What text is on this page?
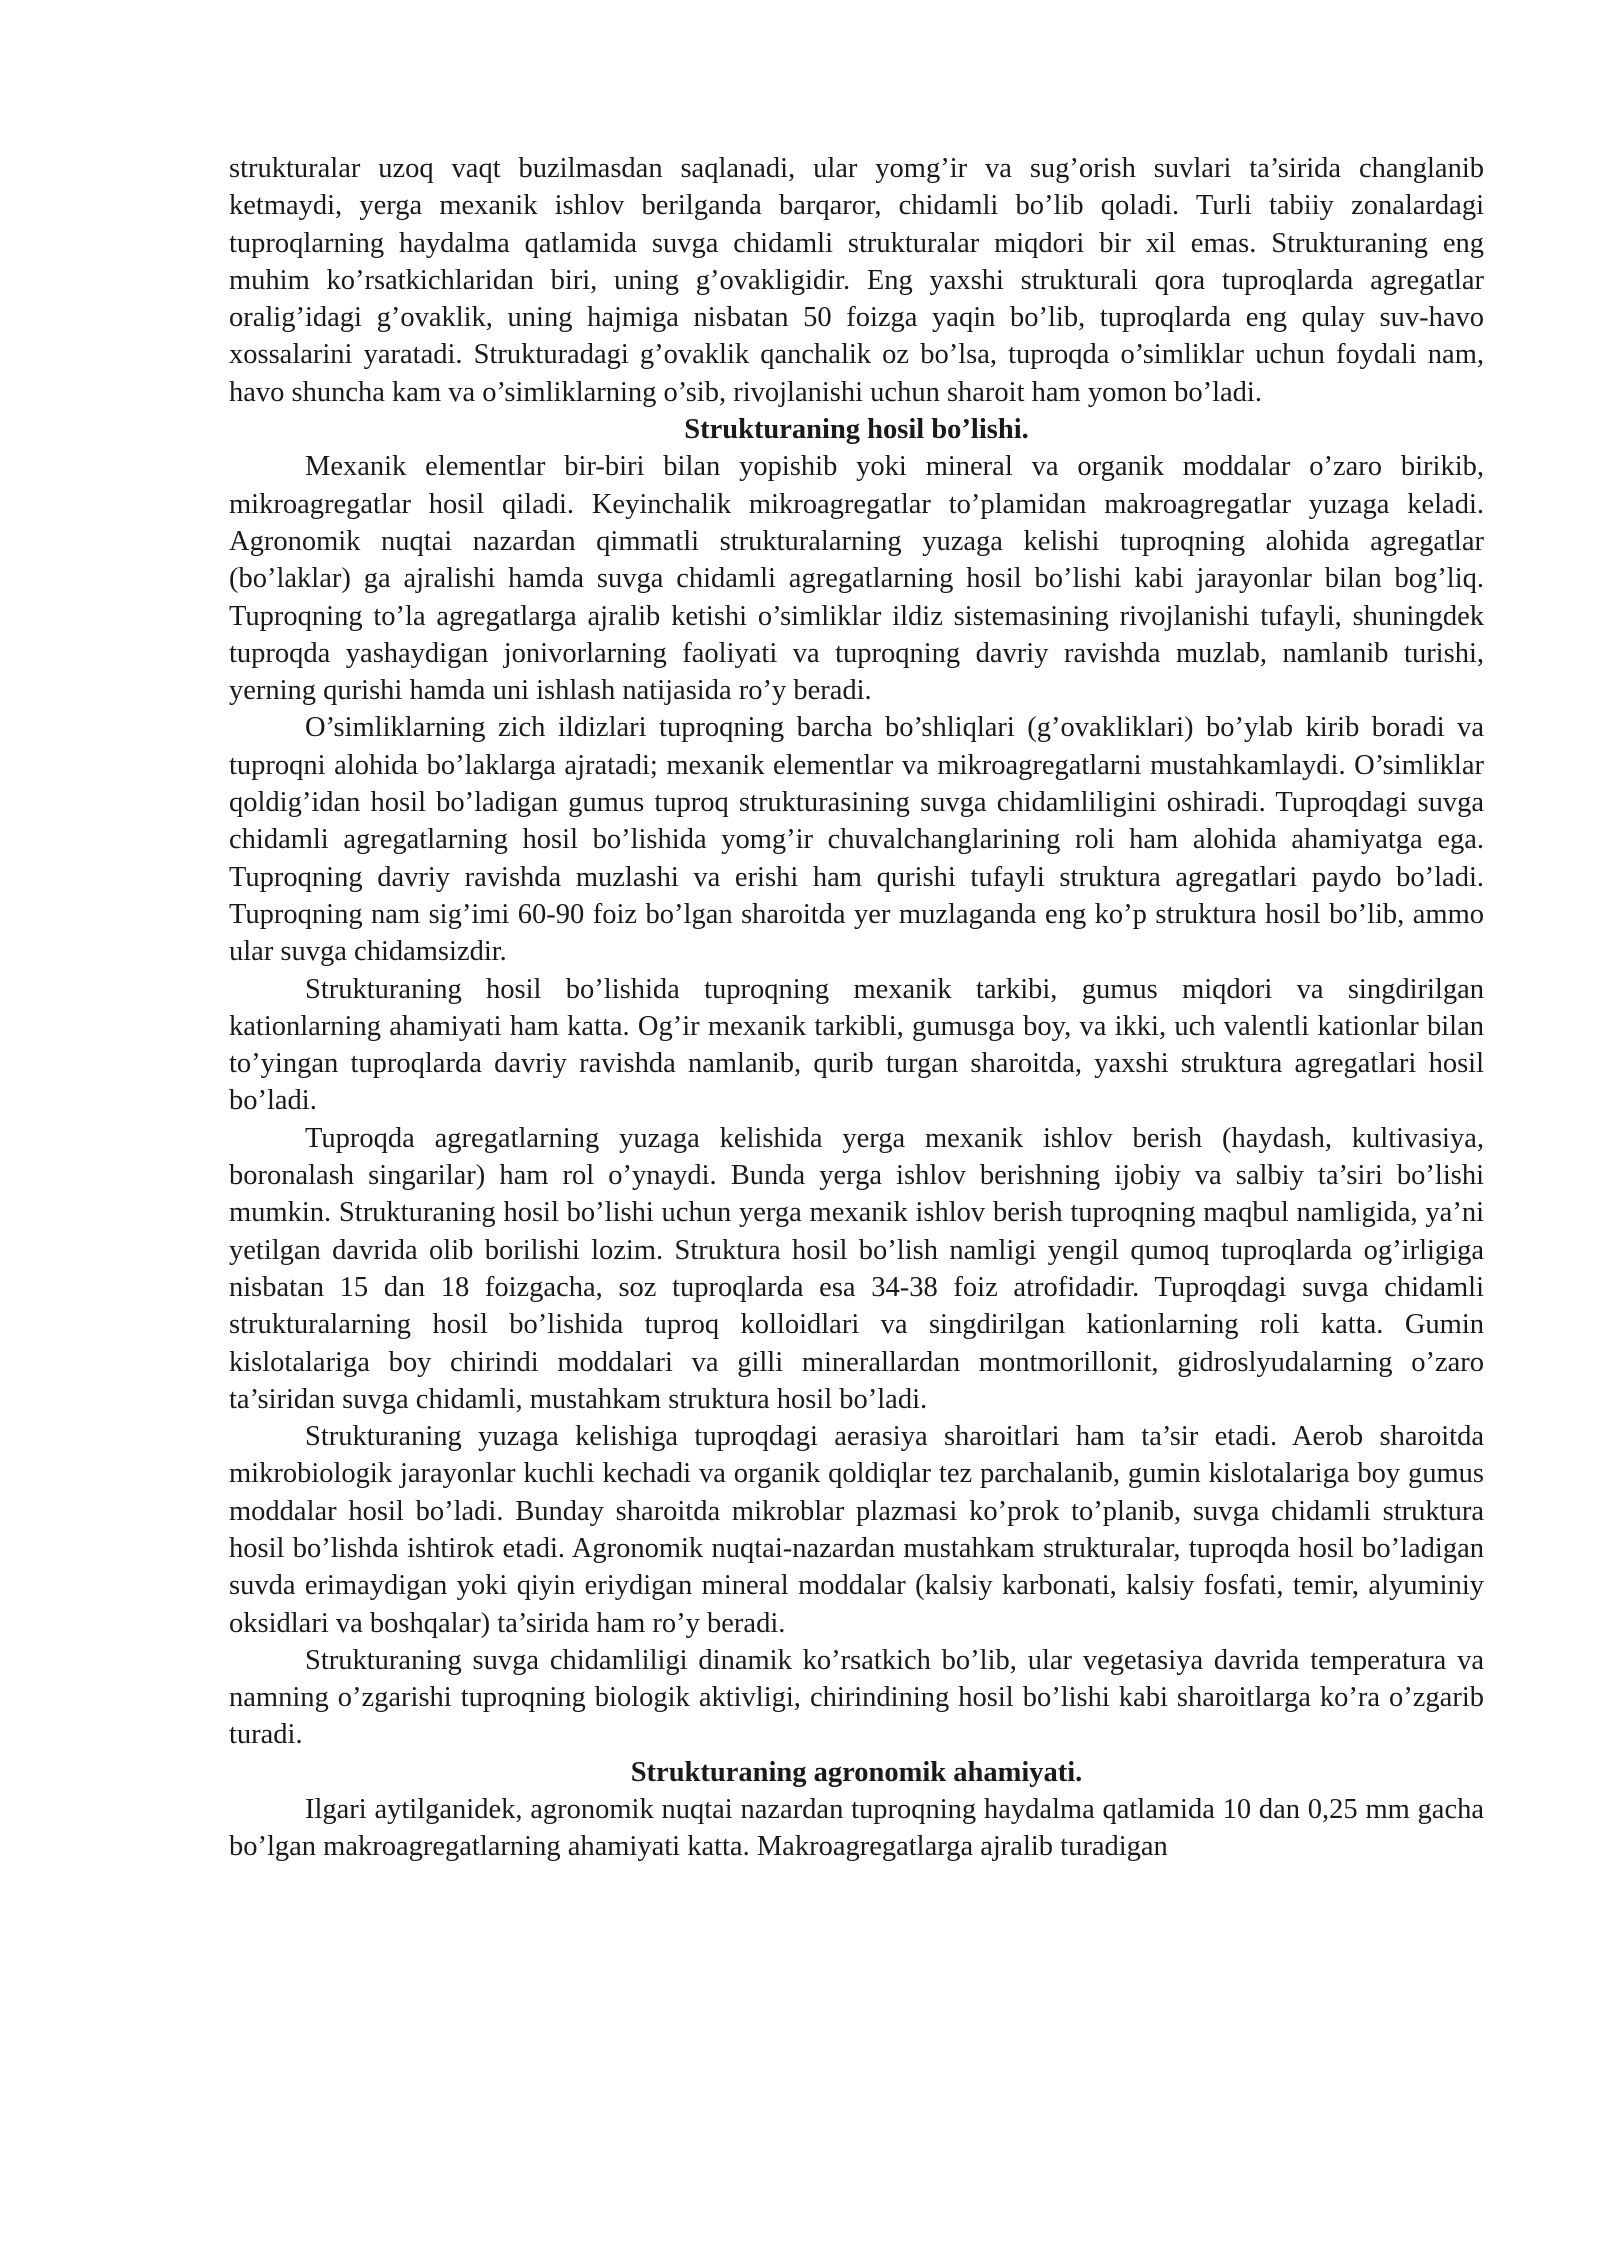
strukturalar uzoq vaqt buzilmasdan saqlanadi, ular yomg’ir va sug’orish suvlari ta’sirida changlanib ketmaydi, yerga mexanik ishlov berilganda barqaror, chidamli bo’lib qoladi. Turli tabiiy zonalardagi tuproqlarning haydalma qatlamida suvga chidamli strukturalar miqdori bir xil emas. Strukturaning eng muhim ko’rsatkichlaridan biri, uning g’ovakligidir. Eng yaxshi strukturali qora tuproqlarda agregatlar oralig’idagi g’ovaklik, uning hajmiga nisbatan 50 foizga yaqin bo’lib, tuproqlarda eng qulay suv-havo xossalarini yaratadi. Strukturadagi g’ovaklik qanchalik oz bo’lsa, tuproqda o’simliklar uchun foydali nam, havo shuncha kam va o’simliklarning o’sib, rivojlanishi uchun sharoit ham yomon bo’ladi.

Strukturaning hosil bo’lishi.

Mexanik elementlar bir-biri bilan yopishib yoki mineral va organik moddalar o’zaro birikib, mikroagregatlar hosil qiladi. Keyinchalik mikroagregatlar to’plamidan makroagregatlar yuzaga keladi. Agronomik nuqtai nazardan qimmatli strukturalarning yuzaga kelishi tuproqning alohida agregatlar (bo’laklar) ga ajralishi hamda suvga chidamli agregatlarning hosil bo’lishi kabi jarayonlar bilan bog’liq. Tuproqning to’la agregatlarga ajralib ketishi o’simliklar ildiz sistemasining rivojlanishi tufayli, shuningdek tuproqda yashaydigan jonivorlarning faoliyati va tuproqning davriy ravishda muzlab, namlanib turishi, yerning qurishi hamda uni ishlash natijasida ro’y beradi.

O’simliklarning zich ildizlari tuproqning barcha bo’shliqlari (g’ovakliklari) bo’ylab kirib boradi va tuproqni alohida bo’laklarga ajratadi; mexanik elementlar va mikroagregatlarni mustahkamlaydi. O’simliklar qoldig’idan hosil bo’ladigan gumus tuproq strukturasining suvga chidamliligini oshiradi. Tuproqdagi suvga chidamli agregatlarning hosil bo’lishida yomg’ir chuvalchanglarining roli ham alohida ahamiyatga ega. Tuproqning davriy ravishda muzlashi va erishi ham qurishi tufayli struktura agregatlari paydo bo’ladi. Tuproqning nam sig’imi 60-90 foiz bo’lgan sharoitda yer muzlaganda eng ko’p struktura hosil bo’lib, ammo ular suvga chidamsizdir.

Strukturaning hosil bo’lishida tuproqning mexanik tarkibi, gumus miqdori va singdirilgan kationlarning ahamiyati ham katta. Og’ir mexanik tarkibli, gumusga boy, va ikki, uch valentli kationlar bilan to’yingan tuproqlarda davriy ravishda namlanib, qurib turgan sharoitda, yaxshi struktura agregatlari hosil bo’ladi.

Tuproqda agregatlarning yuzaga kelishida yerga mexanik ishlov berish (haydash, kultivasiya, boronalash singarilar) ham rol o’ynaydi. Bunda yerga ishlov berishning ijobiy va salbiy ta’siri bo’lishi mumkin. Strukturaning hosil bo’lishi uchun yerga mexanik ishlov berish tuproqning maqbul namligida, ya’ni yetilgan davrida olib borilishi lozim. Struktura hosil bo’lish namligi yengil qumoq tuproqlarda og’irligiga nisbatan 15 dan 18 foizgacha, soz tuproqlarda esa 34-38 foiz atrofidadir. Tuproqdagi suvga chidamli strukturalarning hosil bo’lishida tuproq kolloidlari va singdirilgan kationlarning roli katta. Gumin kislotalariga boy chirindi moddalari va gilli minerallardan montmorillonit, gidroslyudalarning o’zaro ta’siridan suvga chidamli, mustahkam struktura hosil bo’ladi.

Strukturaning yuzaga kelishiga tuproqdagi aerasiya sharoitlari ham ta’sir etadi. Aerob sharoitda mikrobiologik jarayonlar kuchli kechadi va organik qoldiqlar tez parchalanib, gumin kislotalariga boy gumus moddalar hosil bo’ladi. Bunday sharoitda mikroblar plazmasi ko’prok to’planib, suvga chidamli struktura hosil bo’lishda ishtirok etadi. Agronomik nuqtai-nazardan mustahkam strukturalar, tuproqda hosil bo’ladigan suvda erimaydigan yoki qiyin eriydigan mineral moddalar (kalsiy karbonati, kalsiy fosfati, temir, alyuminiy oksidlari va boshqalar) ta’sirida ham ro’y beradi.

Strukturaning suvga chidamliligi dinamik ko’rsatkich bo’lib, ular vegetasiya davrida temperatura va namning o’zgarishi tuproqning biologik aktivligi, chirindining hosil bo’lishi kabi sharoitlarga ko’ra o’zgarib turadi.

Strukturaning agronomik ahamiyati.

Ilgari aytilganidek, agronomik nuqtai nazardan tuproqning haydalma qatlamida 10 dan 0,25 mm gacha bo’lgan makroagregatlarning ahamiyati katta. Makroagregatlarga ajralib turadigan
